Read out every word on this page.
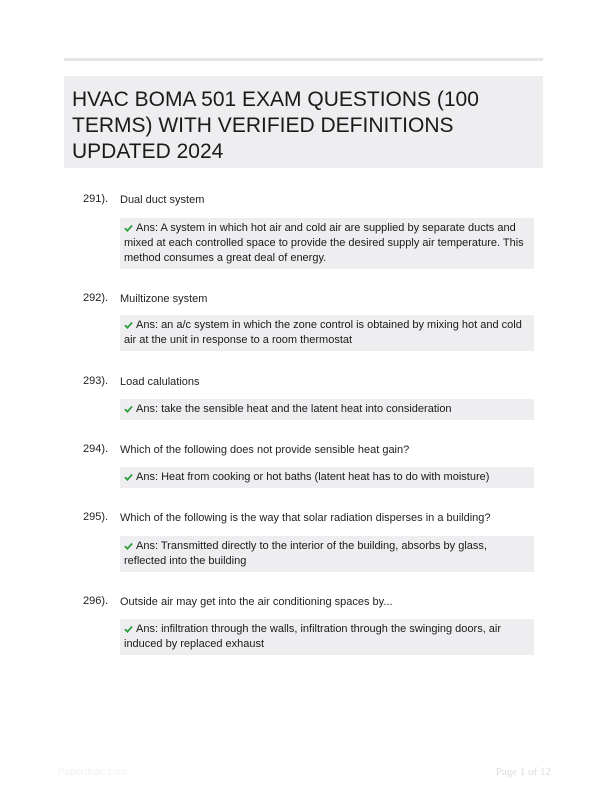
HVAC BOMA 501 EXAM QUESTIONS (100 TERMS) WITH VERIFIED DEFINITIONS UPDATED 2024
291). Dual duct system
Ans: A system in which hot air and cold air are supplied by separate ducts and mixed at each controlled space to provide the desired supply air temperature. This method consumes a great deal of energy.
292). Muiltizone system
Ans: an a/c system in which the zone control is obtained by mixing hot and cold air at the unit in response to a room thermostat
293). Load calulations
Ans: take the sensible heat and the latent heat into consideration
294). Which of the following does not provide sensible heat gain?
Ans: Heat from cooking or hot baths (latent heat has to do with moisture)
295). Which of the following is the way that solar radiation disperses in a building?
Ans: Transmitted directly to the interior of the building, absorbs by glass, reflected into the building
296). Outside air may get into the air conditioning spaces by...
Ans: infiltration through the walls, infiltration through the swinging doors, air induced by replaced exhaust
Papertfolic.com	Page 1 of 12
